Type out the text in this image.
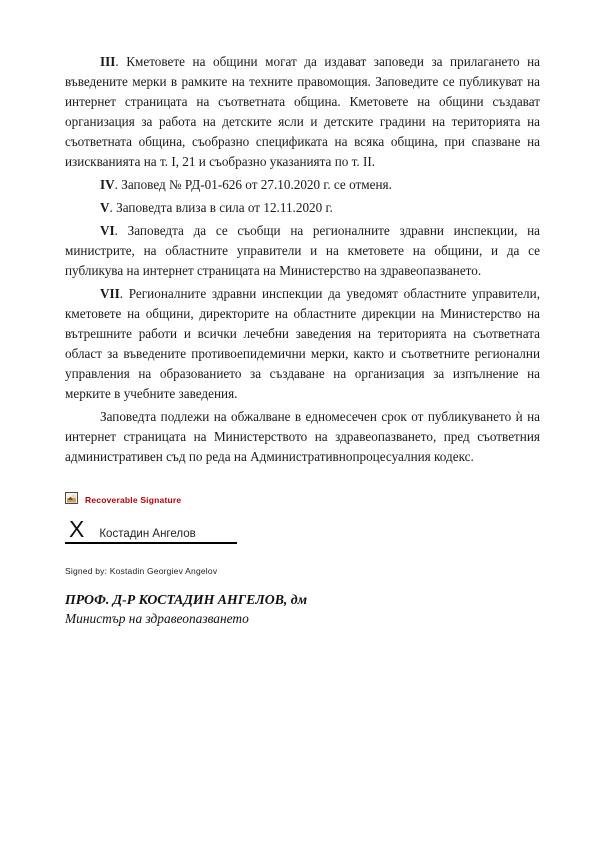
III. Кметовете на общини могат да издават заповеди за прилагането на въведените мерки в рамките на техните правомощия. Заповедите се публикуват на интернет страницата на съответната община. Кметовете на общини създават организация за работа на детските ясли и детските градини на територията на съответната община, съобразно спецификата на всяка община, при спазване на изискванията на т. I, 21 и съобразно указанията по т. II.

IV. Заповед № РД-01-626 от 27.10.2020 г. се отменя.

V. Заповедта влиза в сила от 12.11.2020 г.

VI. Заповедта да се съобщи на регионалните здравни инспекции, на министрите, на областните управители и на кметовете на общини, и да се публикува на интернет страницата на Министерство на здравеопазването.

VII. Регионалните здравни инспекции да уведомят областните управители, кметовете на общини, директорите на областните дирекции на Министерство на вътрешните работи и всички лечебни заведения на територията на съответната област за въведените противоепидемични мерки, както и съответните регионални управления на образованието за създаване на организация за изпълнение на мерките в учебните заведения.

Заповедта подлежи на обжалване в едномесечен срок от публикуването ѝ на интернет страницата на Министерството на здравеопазването, пред съответния административен съд по реда на Административнопроцесуалния кодекс.

Recoverable Signature
X Костадин Ангелов
Signed by: Kostadin Georgiev Angelov
ПРОФ. Д-Р КОСТАДИН АНГЕЛОВ, дм
Министър на здравеопазването
